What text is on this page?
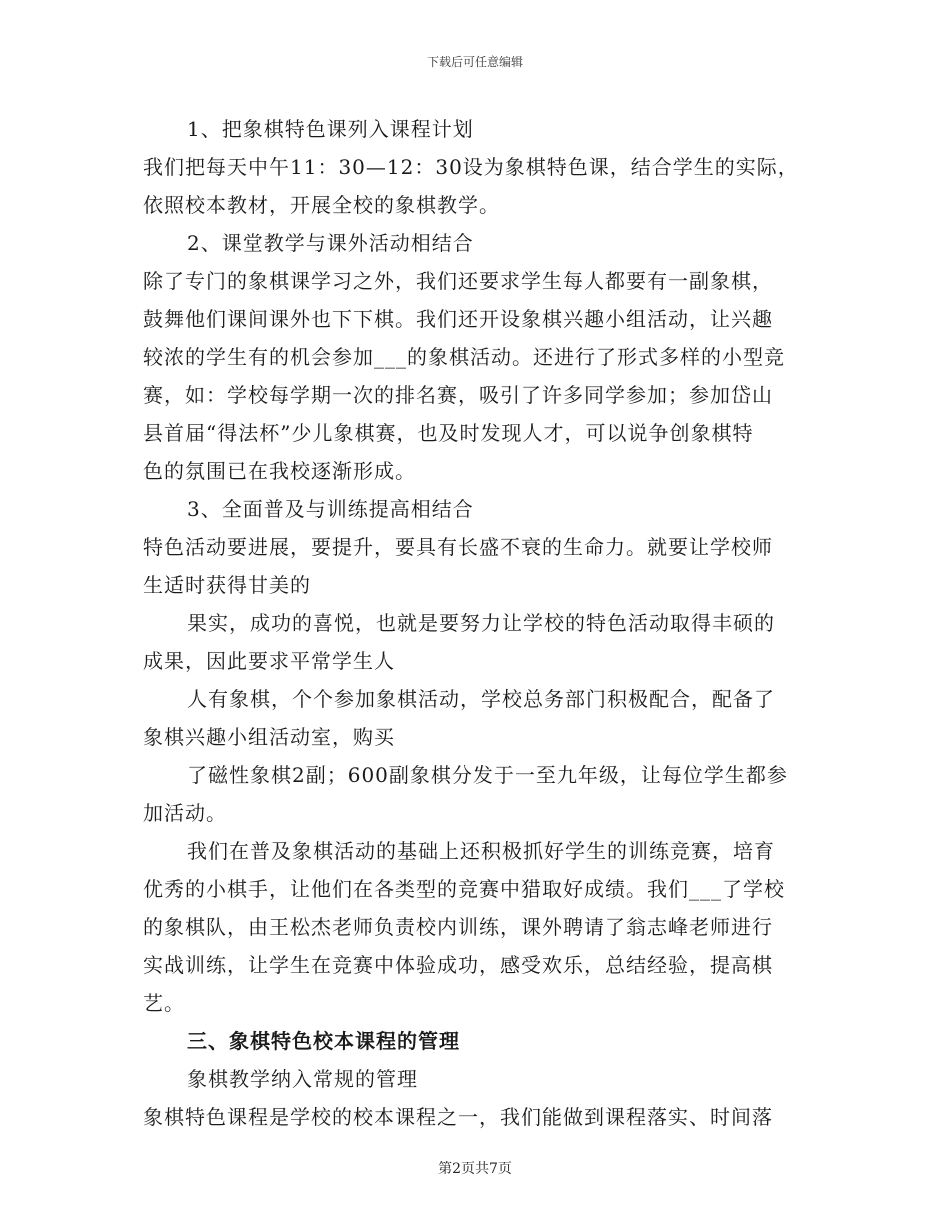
下载后可任意编辑
1、把象棋特色课列入课程计划
我们把每天中午11：30—12：30设为象棋特色课，结合学生的实际，
依照校本教材，开展全校的象棋教学。
2、课堂教学与课外活动相结合
除了专门的象棋课学习之外，我们还要求学生每人都要有一副象棋，
鼓舞他们课间课外也下下棋。我们还开设象棋兴趣小组活动，让兴趣
较浓的学生有的机会参加___的象棋活动。还进行了形式多样的小型竞
赛，如：学校每学期一次的排名赛，吸引了许多同学参加；参加岱山
县首届“得法杯”少儿象棋赛，也及时发现人才，可以说争创象棋特
色的氛围已在我校逐渐形成。
3、全面普及与训练提高相结合
特色活动要进展，要提升，要具有长盛不衰的生命力。就要让学校师
生适时获得甘美的
果实，成功的喜悦，也就是要努力让学校的特色活动取得丰硕的
成果，因此要求平常学生人
人有象棋，个个参加象棋活动，学校总务部门积极配合，配备了
象棋兴趣小组活动室，购买
了磁性象棋2副；600副象棋分发于一至九年级，让每位学生都参
加活动。
我们在普及象棋活动的基础上还积极抓好学生的训练竞赛，培育
优秀的小棋手，让他们在各类型的竞赛中猎取好成绩。我们___了学校
的象棋队，由王松杰老师负责校内训练，课外聘请了翁志峰老师进行
实战训练，让学生在竞赛中体验成功，感受欢乐，总结经验，提高棋
艺。
三、象棋特色校本课程的管理
象棋教学纳入常规的管理
象棋特色课程是学校的校本课程之一，我们能做到课程落实、时间落
第2页共7页
